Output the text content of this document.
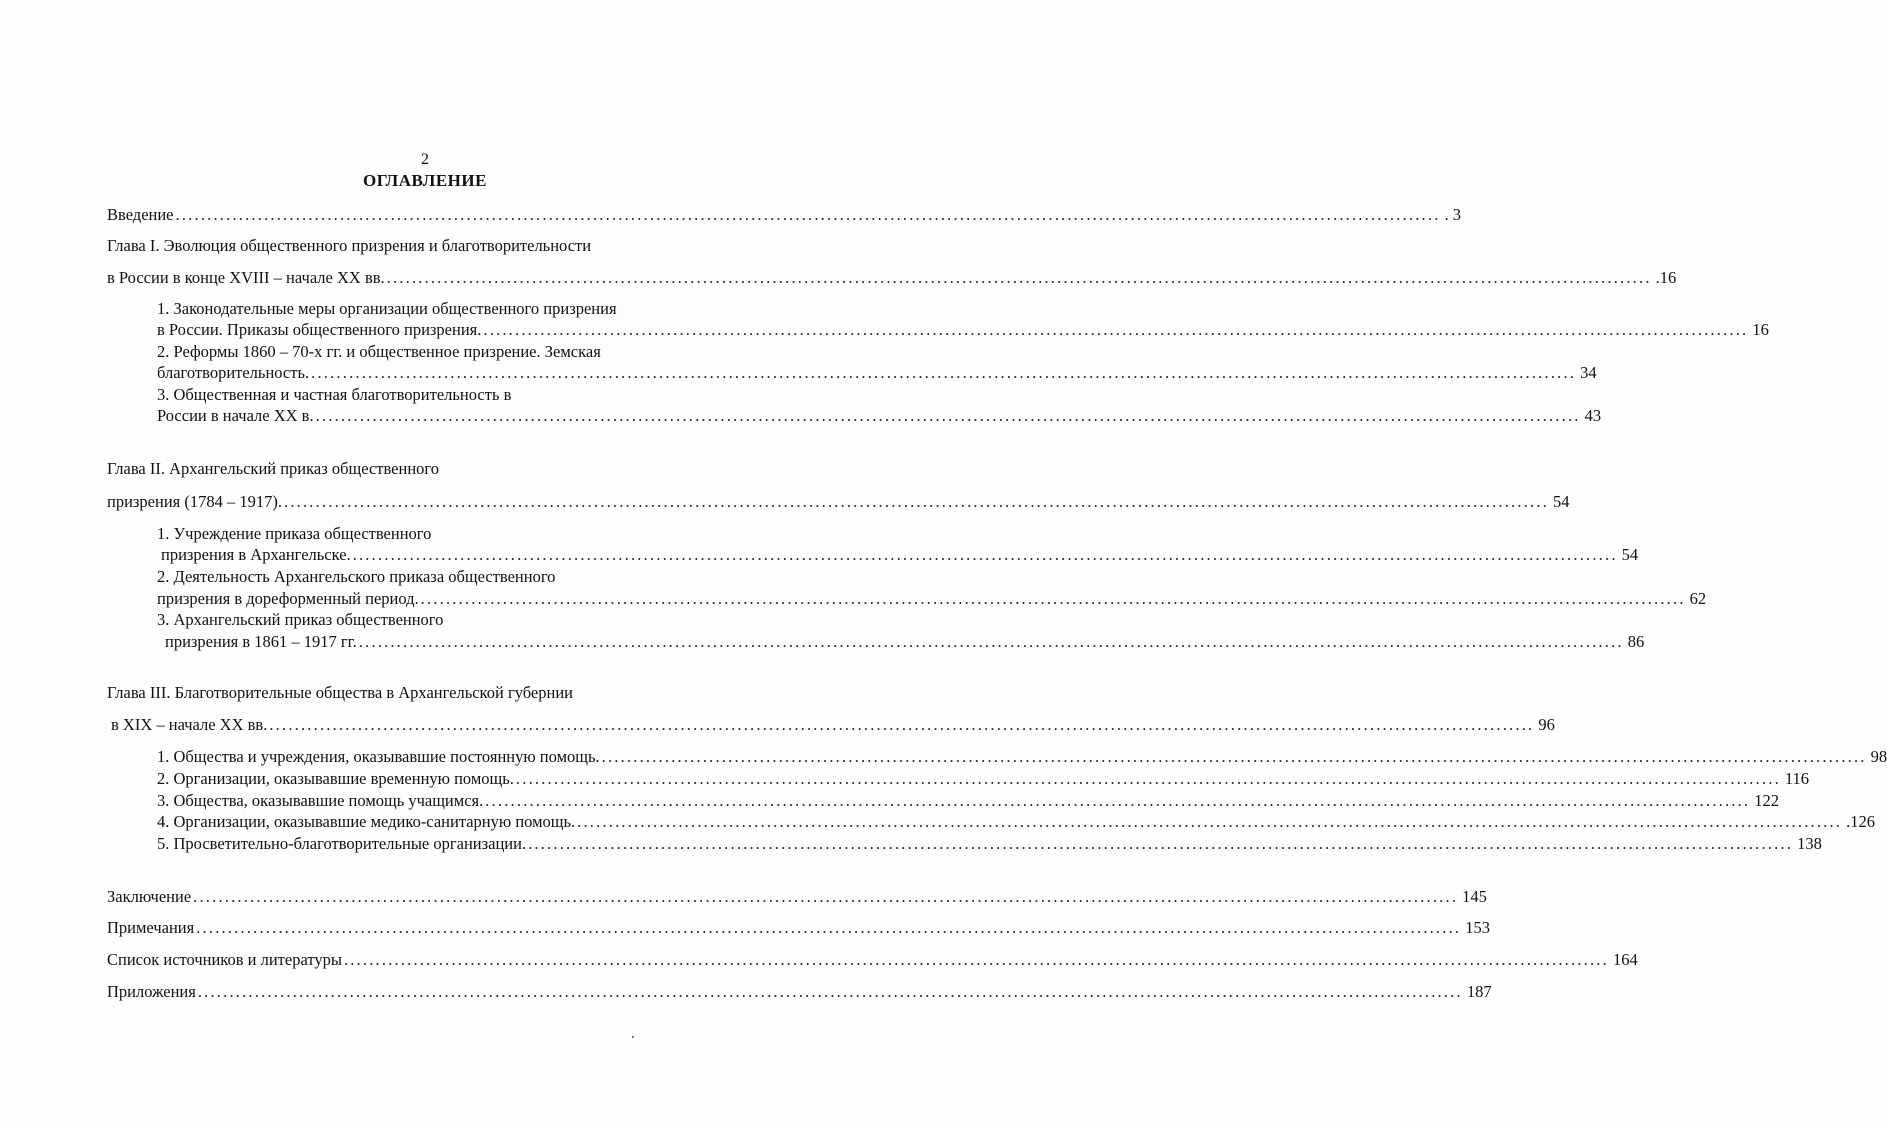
2
ОГЛАВЛЕНИЕ
Введение ........................................................................................................................................................................................................ . 3
Глава I. Эволюция общественного призрения и благотворительности
в России в конце XVIII – начале XX вв. ........................................................................................................................................................................................................ .16
1. Законодательные меры организации общественного призрения
в России. Приказы общественного призрения. ........................................................................................................................................................................................................ 16
2. Реформы 1860 – 70-х гг. и общественное призрение. Земская
благотворительность. ........................................................................................................................................................................................................ 34
3. Общественная и частная благотворительность в
России в начале XX в. ........................................................................................................................................................................................................ 43
Глава II. Архангельский приказ общественного
призрения (1784 – 1917). ........................................................................................................................................................................................................ 54
1. Учреждение приказа общественного
призрения в Архангельске. ........................................................................................................................................................................................................ 54
2. Деятельность Архангельского приказа общественного
призрения в дореформенный период. ........................................................................................................................................................................................................ 62
3. Архангельский приказ общественного
призрения в 1861 – 1917 гг. ........................................................................................................................................................................................................ 86
Глава III. Благотворительные общества в Архангельской губернии
в XIX – начале XX вв. ........................................................................................................................................................................................................ 96
1. Общества и учреждения, оказывавшие постоянную помощь. ........................................................................................................................................................................................................ 98
2. Организации, оказывавшие временную помощь. ........................................................................................................................................................................................................ 116
3. Общества, оказывавшие помощь учащимся. ........................................................................................................................................................................................................ 122
4. Организации, оказывавшие медико-санитарную помощь. ........................................................................................................................................................................................................ .126
5. Просветительно-благотворительные организации. ........................................................................................................................................................................................................ 138
Заключение ........................................................................................................................................................................................................ 145
Примечания ........................................................................................................................................................................................................ 153
Список источников и литературы ........................................................................................................................................................................................................ 164
Приложения ........................................................................................................................................................................................................ 187
